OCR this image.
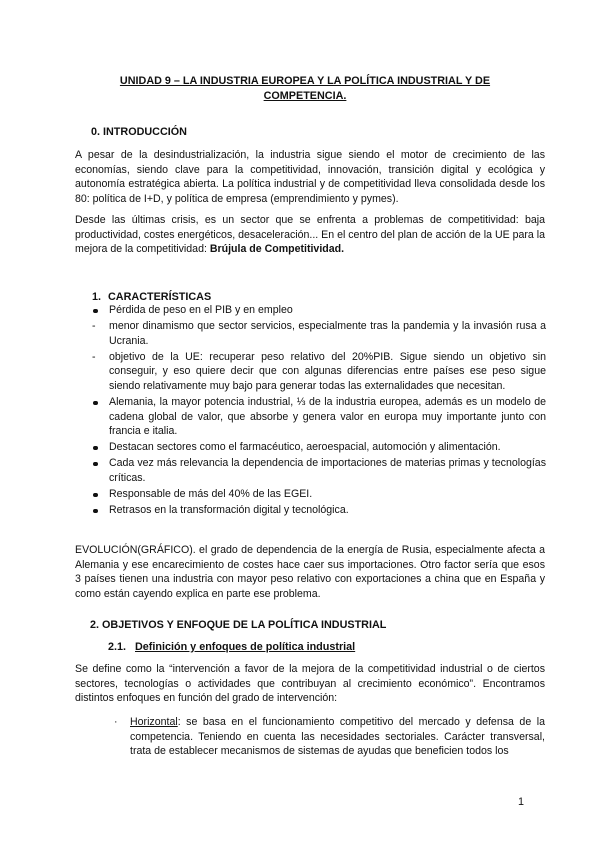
UNIDAD 9 – LA INDUSTRIA EUROPEA Y LA POLÍTICA INDUSTRIAL Y DE COMPETENCIA.
0. INTRODUCCIÓN

A pesar de la desindustrialización, la industria sigue siendo el motor de crecimiento de las economías, siendo clave para la competitividad, innovación, transición digital y ecológica y autonomía estratégica abierta. La política industrial y de competitividad lleva consolidada desde los 80: política de I+D, y política de empresa (emprendimiento y pymes).

Desde las últimas crisis, es un sector que se enfrenta a problemas de competitividad: baja productividad, costes energéticos, desaceleración... En el centro del plan de acción de la UE para la mejora de la competitividad: Brújula de Competitividad.

1. CARACTERÍSTICAS
Pérdida de peso en el PIB y en empleo
-	menor dinamismo que sector servicios, especialmente tras la pandemia y la invasión rusa a Ucrania.
-	objetivo de la UE: recuperar peso relativo del 20%PIB. Sigue siendo un objetivo sin conseguir, y eso quiere decir que con algunas diferencias entre países ese peso sigue siendo relativamente muy bajo para generar todas las externalidades que necesitan.
Alemania, la mayor potencia industrial, ⅓ de la industria europea, además es un modelo de cadena global de valor, que absorbe y genera valor en europa muy importante junto con francia e italia.
Destacan sectores como el farmacéutico, aeroespacial, automoción y alimentación.
Cada vez más relevancia la dependencia de importaciones de materias primas y tecnologías críticas.
Responsable de más del 40% de las EGEI.
Retrasos en la transformación digital y tecnológica.

EVOLUCIÓN(GRÁFICO). el grado de dependencia de la energía de Rusia, especialmente afecta a Alemania y ese encarecimiento de costes hace caer sus importaciones. Otro factor sería que esos 3 países tienen una industria con mayor peso relativo con exportaciones a china que en España y como están cayendo explica en parte ese problema.

2. OBJETIVOS Y ENFOQUE DE LA POLÍTICA INDUSTRIAL
2.1. Definición y enfoques de política industrial

Se define como la “intervención a favor de la mejora de la competitividad industrial o de ciertos sectores, tecnologías o actividades que contribuyan al crecimiento económico”. Encontramos distintos enfoques en función del grado de intervención:

·	Horizontal: se basa en el funcionamiento competitivo del mercado y defensa de la competencia. Teniendo en cuenta las necesidades sectoriales. Carácter transversal, trata de establecer mecanismos de sistemas de ayudas que beneficien todos los
1
